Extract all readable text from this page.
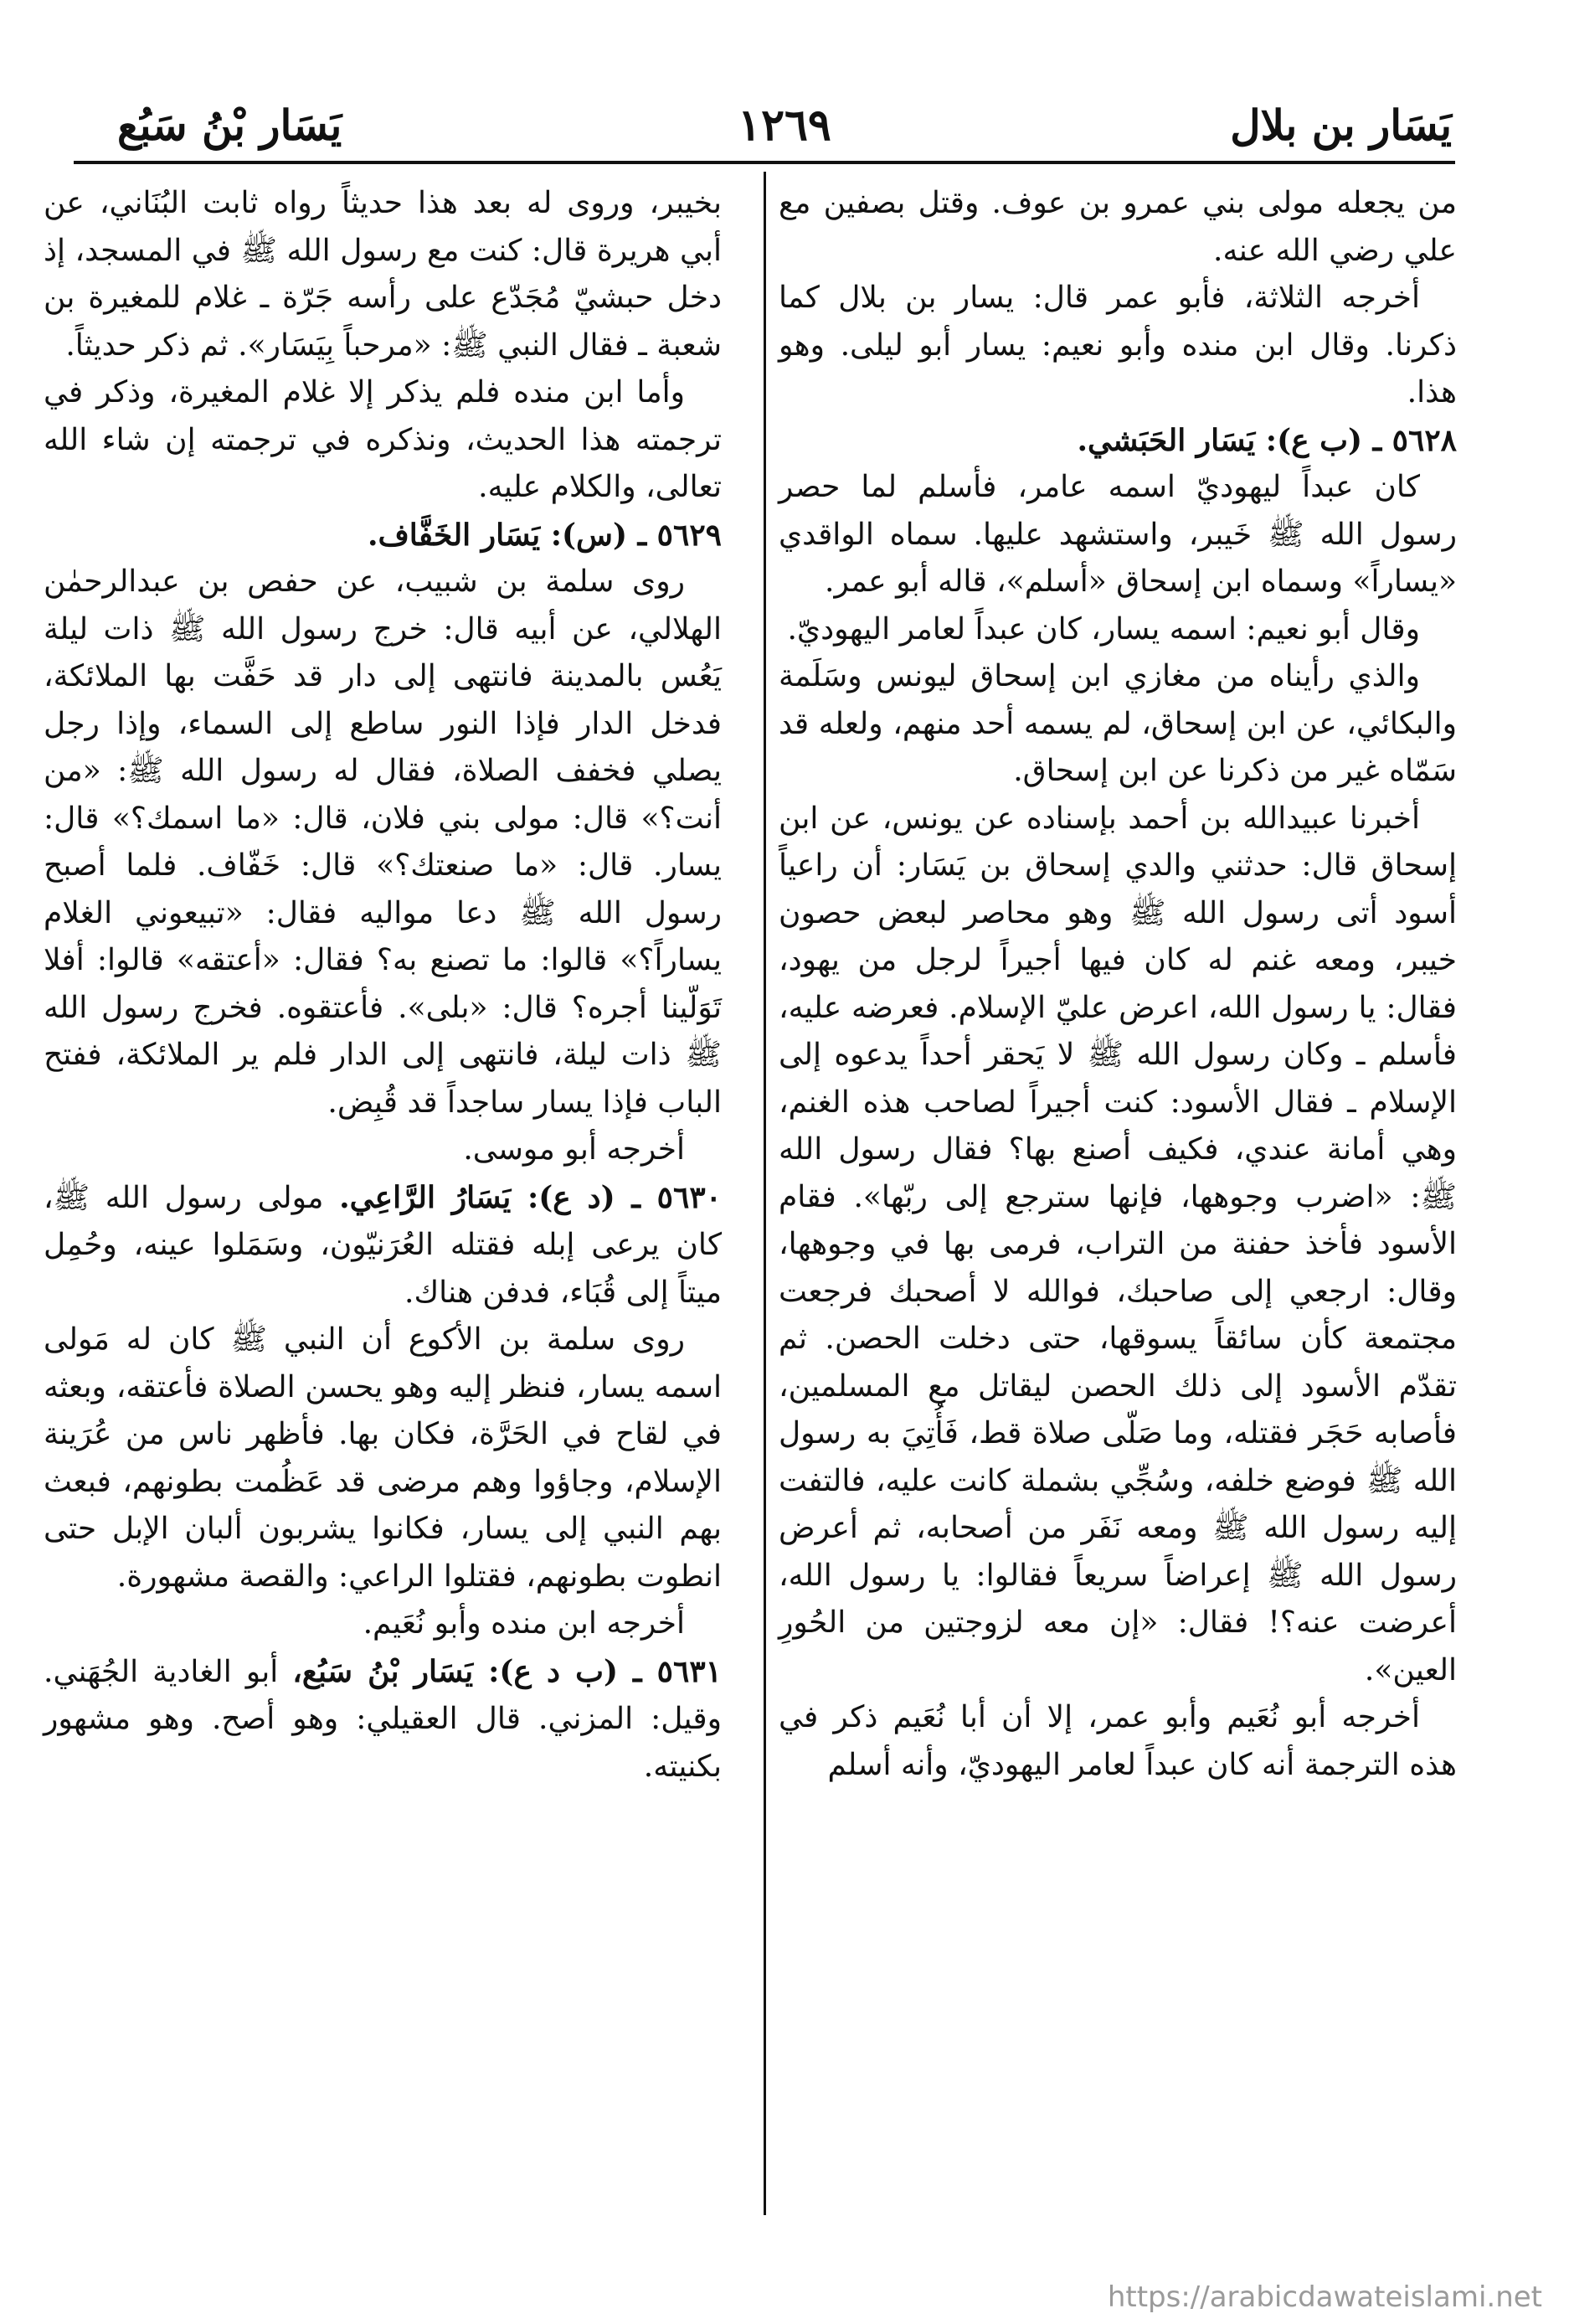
يَسَار بن بلال
١٢٦٩
يَسَار بْنُ سَبُع

من يجعله مولى بني عمرو بن عوف. وقتل بصفين مع علي رضي الله عنه.

أخرجه الثلاثة، فأبو عمر قال: يسار بن بلال كما ذكرنا. وقال ابن منده وأبو نعيم: يسار أبو ليلى. وهو هذا.

٥٦٢٨ ـ (ب ع): يَسَار الحَبَشي.

كان عبداً ليهوديّ اسمه عامر، فأسلم لما حصر رسول الله ﷺ خَيبر، واستشهد عليها. سماه الواقدي «يساراً» وسماه ابن إسحاق «أسلم»، قاله أبو عمر.

وقال أبو نعيم: اسمه يسار، كان عبداً لعامر اليهوديّ.

والذي رأيناه من مغازي ابن إسحاق ليونس وسَلَمة والبكائي، عن ابن إسحاق، لم يسمه أحد منهم، ولعله قد سَمّاه غير من ذكرنا عن ابن إسحاق.

أخبرنا عبيدالله بن أحمد بإسناده عن يونس، عن ابن إسحاق قال: حدثني والدي إسحاق بن يَسَار: أن راعياً أسود أتى رسول الله ﷺ وهو محاصر لبعض حصون خيبر، ومعه غنم له كان فيها أجيراً لرجل من يهود، فقال: يا رسول الله، اعرض عليّ الإسلام. فعرضه عليه، فأسلم ـ وكان رسول الله ﷺ لا يَحقر أحداً يدعوه إلى الإسلام ـ فقال الأسود: كنت أجيراً لصاحب هذه الغنم، وهي أمانة عندي، فكيف أصنع بها؟ فقال رسول الله ﷺ: «اضرب وجوهها، فإنها سترجع إلى ربّها». فقام الأسود فأخذ حفنة من التراب، فرمى بها في وجوهها، وقال: ارجعي إلى صاحبك، فوالله لا أصحبك فرجعت مجتمعة كأن سائقاً يسوقها، حتى دخلت الحصن. ثم تقدّم الأسود إلى ذلك الحصن ليقاتل مع المسلمين، فأصابه حَجَر فقتله، وما صَلّى صلاة قط، فَأُتِيَ به رسول الله ﷺ فوضع خلفه، وسُجِّي بشملة كانت عليه، فالتفت إليه رسول الله ﷺ ومعه نَفَر من أصحابه، ثم أعرض رسول الله ﷺ إعراضاً سريعاً فقالوا: يا رسول الله، أعرضت عنه؟! فقال: «إن معه لزوجتين من الحُورِ العين».

أخرجه أبو نُعَيم وأبو عمر، إلا أن أبا نُعَيم ذكر في هذه الترجمة أنه كان عبداً لعامر اليهوديّ، وأنه أسلم

بخيبر، وروى له بعد هذا حديثاً رواه ثابت البُنَاني، عن أبي هريرة قال: كنت مع رسول الله ﷺ في المسجد، إذ دخل حبشيّ مُجَدّع على رأسه جَرّة ـ غلام للمغيرة بن شعبة ـ فقال النبي ﷺ: «مرحباً بِيَسَار». ثم ذكر حديثاً.

وأما ابن منده فلم يذكر إلا غلام المغيرة، وذكر في ترجمته هذا الحديث، ونذكره في ترجمته إن شاء الله تعالى، والكلام عليه.

٥٦٢٩ ـ (س): يَسَار الخَفَّاف.

روى سلمة بن شبيب، عن حفص بن عبدالرحمٰن الهلالي، عن أبيه قال: خرج رسول الله ﷺ ذات ليلة يَعُس بالمدينة فانتهى إلى دار قد حَفَّت بها الملائكة، فدخل الدار فإذا النور ساطع إلى السماء، وإذا رجل يصلي فخفف الصلاة، فقال له رسول الله ﷺ: «من أنت؟» قال: مولى بني فلان، قال: «ما اسمك؟» قال: يسار. قال: «ما صنعتك؟» قال: خَفّاف. فلما أصبح رسول الله ﷺ دعا مواليه فقال: «تبيعوني الغلام يساراً؟» قالوا: ما تصنع به؟ فقال: «أعتقه» قالوا: أفلا تَوَلّينا أجره؟ قال: «بلى». فأعتقوه. فخرج رسول الله ﷺ ذات ليلة، فانتهى إلى الدار فلم ير الملائكة، ففتح الباب فإذا يسار ساجداً قد قُبِض.

أخرجه أبو موسى.

٥٦٣٠ ـ (د ع): يَسَارُ الرَّاعِي. مولى رسول الله ﷺ، كان يرعى إبله فقتله العُرَنيّون، وسَمَلوا عينه، وحُمِل ميتاً إلى قُبَاء، فدفن هناك.

روى سلمة بن الأكوع أن النبي ﷺ كان له مَولى اسمه يسار، فنظر إليه وهو يحسن الصلاة فأعتقه، وبعثه في لقاح في الحَرَّة، فكان بها. فأظهر ناس من عُرَينة الإسلام، وجاؤوا وهم مرضى قد عَظُمت بطونهم، فبعث بهم النبي إلى يسار، فكانوا يشربون ألبان الإبل حتى انطوت بطونهم، فقتلوا الراعي: والقصة مشهورة.

أخرجه ابن منده وأبو نُعَيم.

٥٦٣١ ـ (ب د ع): يَسَار بْنُ سَبُع، أبو الغادية الجُهَني. وقيل: المزني. قال العقيلي: وهو أصح. وهو مشهور بكنيته.

https://arabicdawateislami.net
